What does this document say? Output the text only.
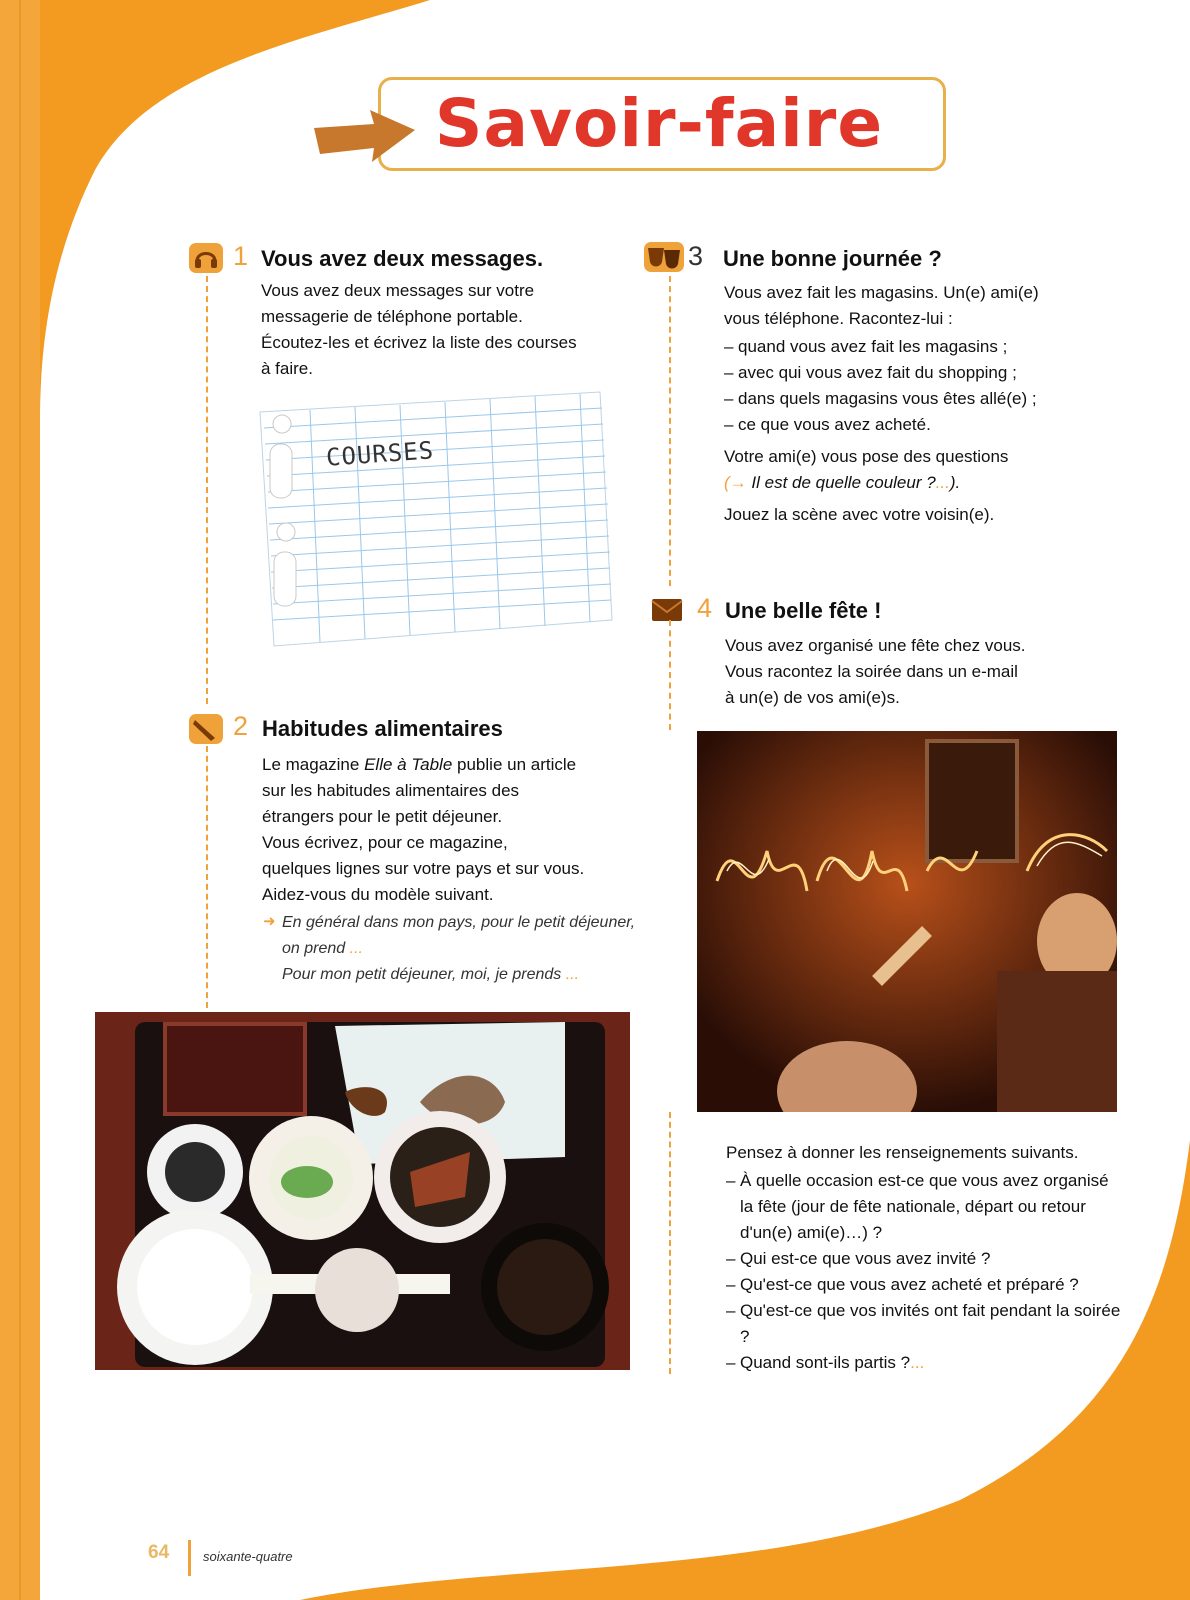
Savoir-faire
1 Vous avez deux messages.

Vous avez deux messages sur votre

messagerie de téléphone portable.

Écoutez-les et écrivez la liste des courses

à faire.

COURSES
2 Habitudes alimentaires

Le magazine Elle à Table publie un article

sur les habitudes alimentaires des

étrangers pour le petit déjeuner.

Vous écrivez, pour ce magazine,

quelques lignes sur votre pays et sur vous.

Aidez-vous du modèle suivant.

➜ En général dans mon pays, pour le petit déjeuner,

on prend ...

Pour mon petit déjeuner, moi, je prends ...

3 Une bonne journée ?

Vous avez fait les magasins. Un(e) ami(e)

vous téléphone. Racontez-lui :

– quand vous avez fait les magasins ;
– avec qui vous avez fait du shopping ;
– dans quels magasins vous êtes allé(e) ;
– ce que vous avez acheté.

Votre ami(e) vous pose des questions

(→ Il est de quelle couleur ?...).

Jouez la scène avec votre voisin(e).

4 Une belle fête !

Vous avez organisé une fête chez vous.

Vous racontez la soirée dans un e-mail

à un(e) de vos ami(e)s.

Pensez à donner les renseignements suivants.

– À quelle occasion est-ce que vous avez organisé la fête (jour de fête nationale, départ ou retour d'un(e) ami(e)…) ?
– Qui est-ce que vous avez invité ?
– Qu'est-ce que vous avez acheté et préparé ?
– Qu'est-ce que vos invités ont fait pendant la soirée ?
– Quand sont-ils partis ?...
64	soixante-quatre
